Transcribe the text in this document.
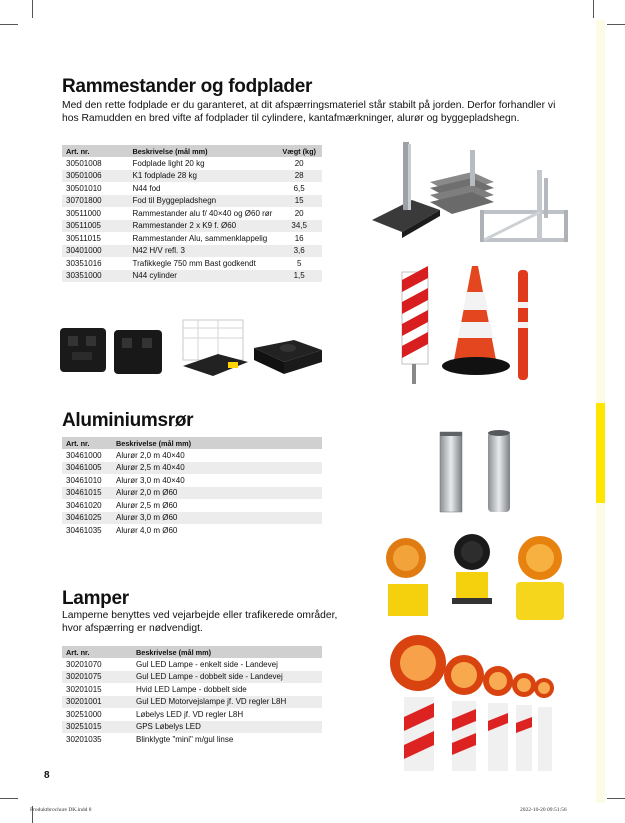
Rammestander og fodplader

Med den rette fodplade er du garanteret, at dit afspærringsmateriel står stabilt på jorden. Derfor forhandler vi hos Ramudden en bred vifte af fodplader til cylindere, kantafmærkninger, alurør og byggepladshegn.

Art. nr.	Beskrivelse (mål mm)	Vægt (kg)
30501008	Fodplade light 20 kg	20
30501006	K1 fodplade 28 kg	28
30501010	N44 fod	6,5
30701800	Fod til Byggepladshegn	15
30511000	Rammestander alu f/ 40×40 og Ø60 rør	20
30511005	Rammestander 2 x K9 f. Ø60	34,5
30511015	Rammestander Alu, sammenklappelig	16
30401000	N42 H/V refl. 3	3,6
30351016	Trafikkegle 750 mm Bast godkendt	5
30351000	N44 cylinder	1,5
Aluminiumsrør
Art. nr.	Beskrivelse (mål mm)
30461000	Alurør 2,0 m 40×40
30461005	Alurør 2,5 m 40×40
30461010	Alurør 3,0 m 40×40
30461015	Alurør 2,0 m Ø60
30461020	Alurør 2,5 m Ø60
30461025	Alurør 3,0 m Ø60
30461035	Alurør 4,0 m Ø60
Lamper

Lamperne benyttes ved vejarbejde eller trafikerede områder, hvor afspærring er nødvendigt.

Art. nr.	Beskrivelse (mål mm)
30201070	Gul LED Lampe - enkelt side - Landevej
30201075	Gul LED Lampe - dobbelt side - Landevej
30201015	Hvid LED Lampe - dobbelt side
30201001	Gul LED Motorvejslampe jf. VD regler L8H
30251000	Løbelys LED jf. VD regler L8H
30251015	GPS Løbelys LED
30201035	Blinklygte "mini" m/gul linse
8
Produktbrochure DK.indd 8	2022-10-20 09:51:56
